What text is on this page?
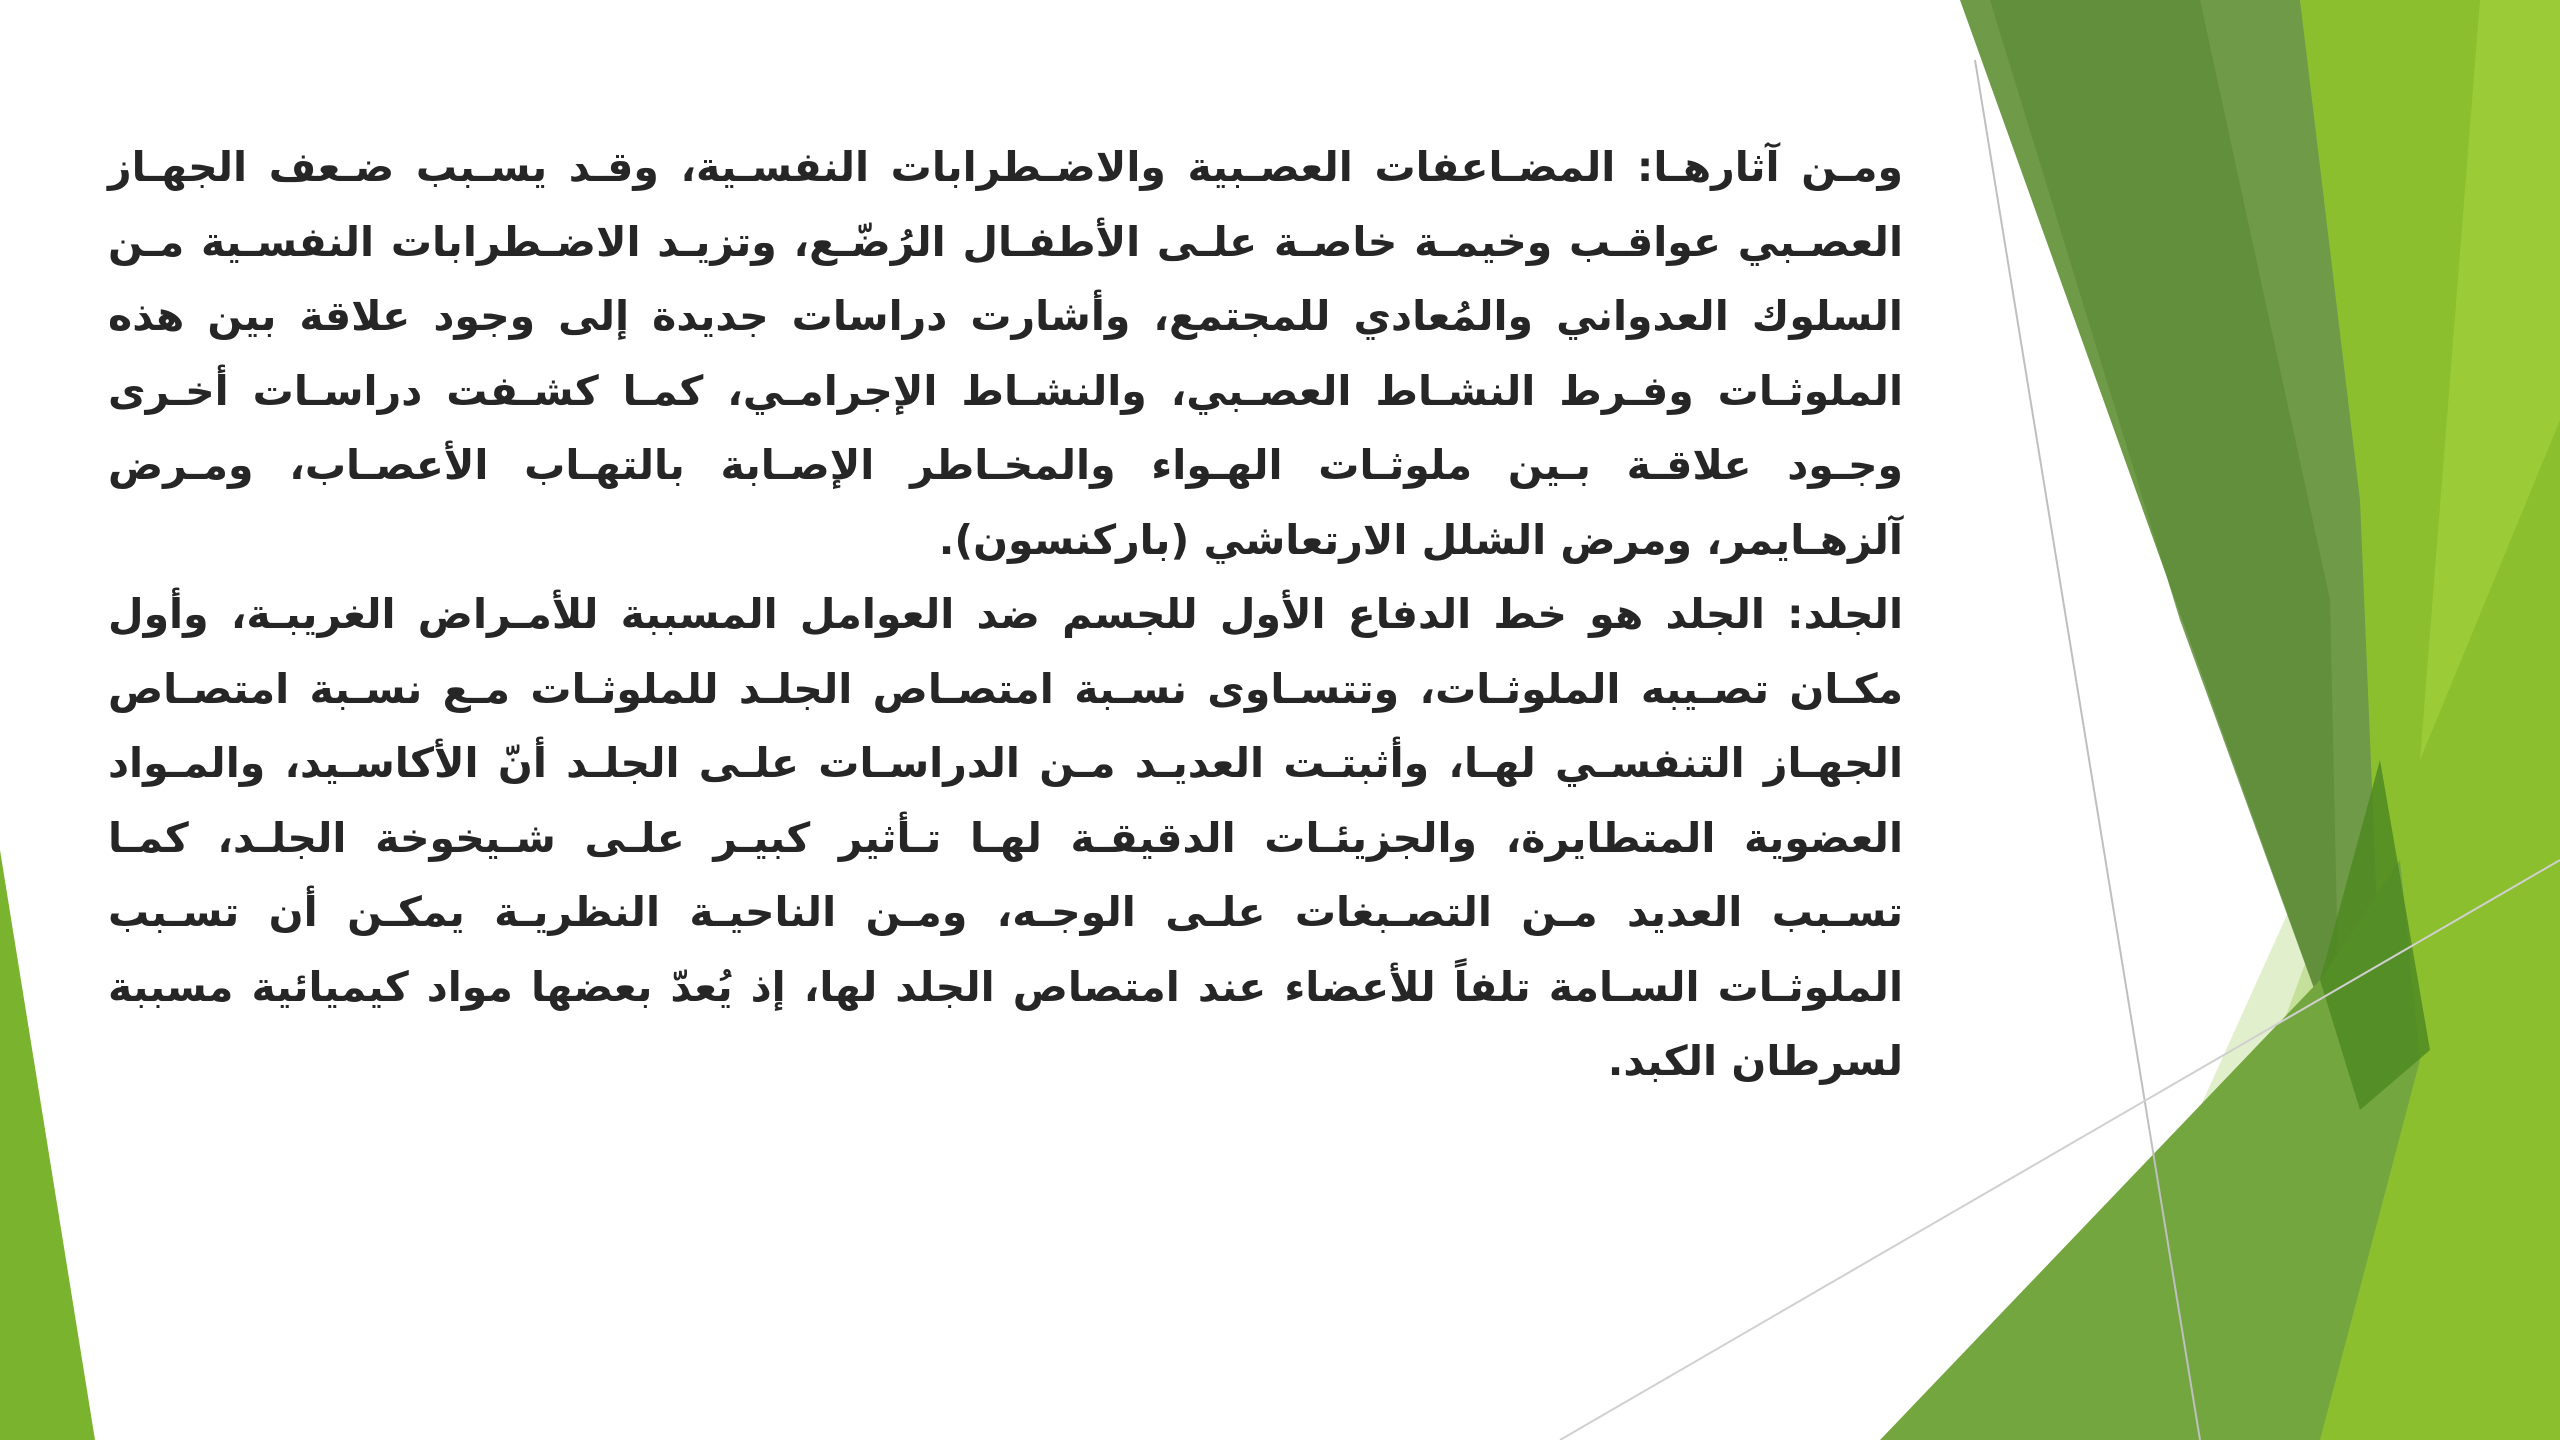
ومـن آثارهـا: المضـاعفات العصـبية والاضـطرابات النفسـية، وقـد يسـبب ضـعف الجهـاز العصـبي عواقـب وخيمـة خاصـة علـى الأطفـال الرُضّـع، وتزيـد الاضـطرابات النفسـية مـن السلوك العدواني والمُعادي للمجتمع، وأشارت دراسات جديدة إلى وجود علاقة بين هذه الملوثـات وفـرط النشـاط العصـبي، والنشـاط الإجرامـي، كمـا كشـفت دراسـات أخـرى وجـود علاقـة بـين ملوثـات الهـواء والمخـاطر الإصـابة بالتهـاب الأعصـاب، ومـرض آلزهـايمر، ومرض الشلل الارتعاشي (باركنسون).

الجلد: الجلد هو خط الدفاع الأول للجسم ضد العوامل المسببة للأمـراض الغريبـة، وأول مكـان تصـيبه الملوثـات، وتتسـاوى نسـبة امتصـاص الجلـد للملوثـات مـع نسـبة امتصـاص الجهـاز التنفسـي لهـا، وأثبتـت العديـد مـن الدراسـات علـى الجلـد أنّ الأكاسـيد، والمـواد العضوية المتطايرة، والجزيئـات الدقيقـة لهـا تـأثير كبيـر علـى شـيخوخة الجلـد، كمـا تسـبب العديد مـن التصـبغات علـى الوجـه، ومـن الناحيـة النظريـة يمكـن أن تسـبب الملوثـات السـامة تلفاً للأعضاء عند امتصاص الجلد لها، إذ يُعدّ بعضها مواد كيميائية مسببة لسرطان الكبد.
